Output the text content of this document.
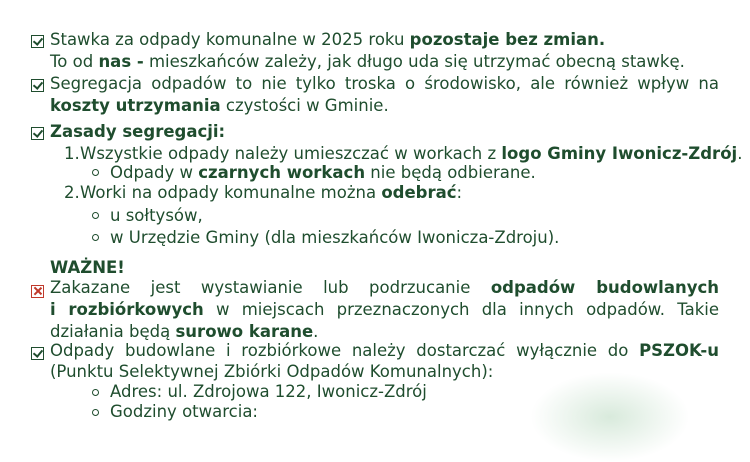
Stawka za odpady komunalne w 2025 roku pozostaje bez zmian.
To od nas - mieszkańców zależy, jak długo uda się utrzymać obecną stawkę.
Segregacja odpadów to nie tylko troska o środowisko, ale również wpływ na
koszty utrzymania czystości w Gminie.
Zasady segregacji:
1. Wszystkie odpady należy umieszczać w workach z logo Gminy Iwonicz-Zdrój.
Odpady w czarnych workach nie będą odbierane.
2. Worki na odpady komunalne można odebrać:
u sołtysów,
w Urzędzie Gminy (dla mieszkańców Iwonicza-Zdroju).
WAŻNE!
Zakazane jest wystawianie lub podrzucanie odpadów budowlanych
i rozbiórkowych w miejscach przeznaczonych dla innych odpadów. Takie
działania będą surowo karane.
Odpady budowlane i rozbiórkowe należy dostarczać wyłącznie do PSZOK-u
(Punktu Selektywnej Zbiórki Odpadów Komunalnych):
Adres: ul. Zdrojowa 122, Iwonicz-Zdrój
Godziny otwarcia:
